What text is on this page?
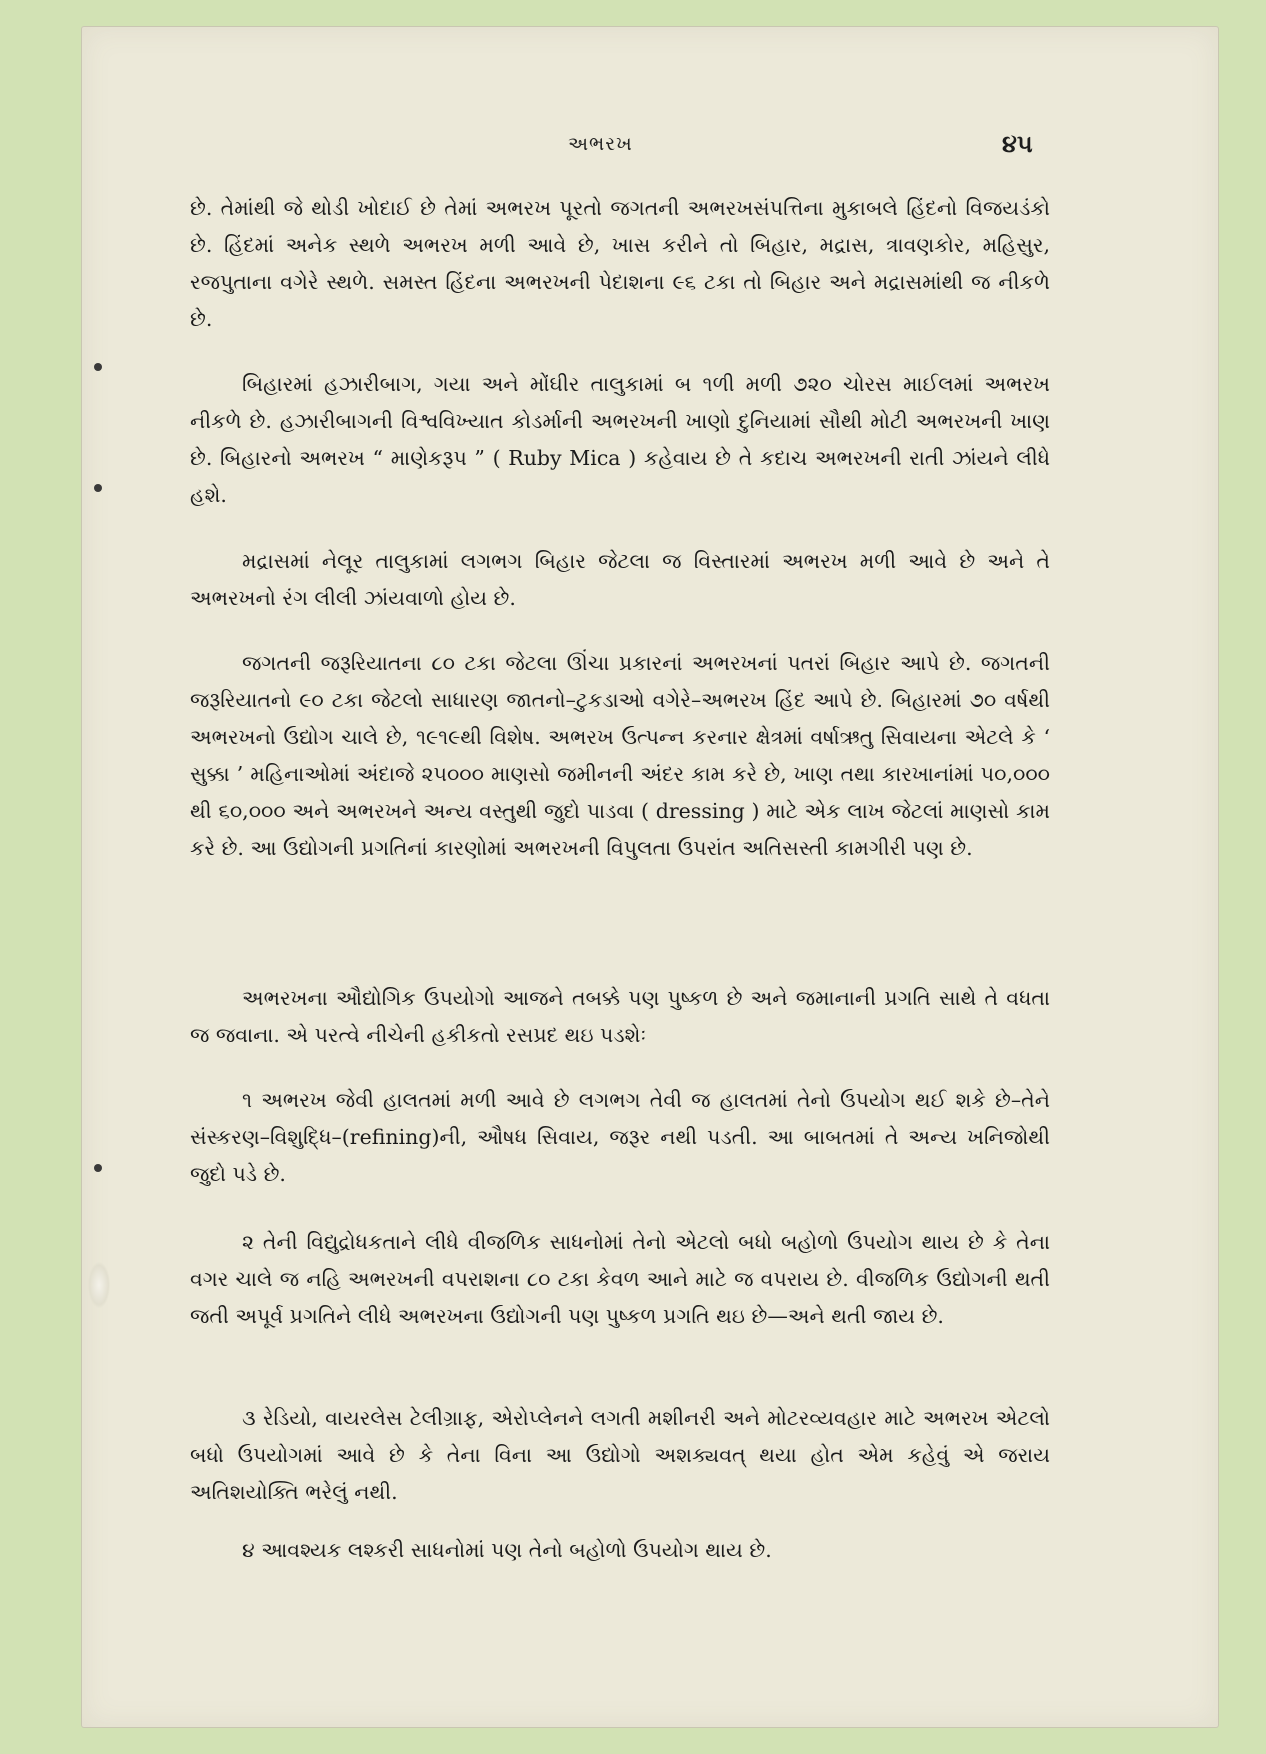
અભરખ	૪૫
છે. તેમાંથી જે થોડી ખોદાઈ છે તેમાં અભરખ પૂરતો જગતની અભરખસંપત્તિના મુકાબલે હિંદનો વિજયડંકો છે. હિંદમાં અનેક સ્થળે અભરખ મળી આવે છે, ખાસ કરીને તો બિહાર, મદ્રાસ, ત્રાવણકોર, મહિસુર, રજપુતાના વગેરે સ્થળે. સમસ્ત હિંદના અભરખની પેદાશના ૯૬ ટકા તો બિહાર અને મદ્રાસમાંથી જ નીકળે છે.
બિહારમાં હઝારીબાગ, ગયા અને મોંઘીર તાલુકામાં બ ૧ળી મળી ૭૨૦ ચોરસ માઈલમાં અભરખ નીકળે છે. હઝારીબાગની વિશ્વવિખ્યાત કોડર્માની અભરખની ખાણો દુનિયામાં સૌથી મોટી અભરખની ખાણ છે. બિહારનો અભરખ “ માણેકરૂપ ” ( Ruby Mica ) કહેવાય છે તે કદાચ અભરખની રાતી ઝાંયને લીધે હશે.
મદ્રાસમાં નેલૂર તાલુકામાં લગભગ બિહાર જેટલા જ વિસ્તારમાં અભરખ મળી આવે છે અને તે અભરખનો રંગ લીલી ઝાંયવાળો હોય છે.
જગતની જરૂરિયાતના ૮૦ ટકા જેટલા ઊંચા પ્રકારનાં અભરખનાં પતરાં બિહાર આપે છે. જગતની જરૂરિયાતનો ૯૦ ટકા જેટલો સાધારણ જાતનો–ટુકડાઓ વગેરે–અભરખ હિંદ આપે છે. બિહારમાં ૭૦ વર્ષથી અભરખનો ઉદ્યોગ ચાલે છે, ૧૯૧૯થી વિશેષ. અભરખ ઉત્પન્ન કરનાર ક્ષેત્રમાં વર્ષાઋતુ સિવાયના એટલે કે ‘ સુક્કા ’ મહિનાઓમાં અંદાજે ૨૫૦૦૦ માણસો જમીનની અંદર કામ કરે છે, ખાણ તથા કારખાનાંમાં ૫૦,૦૦૦ થી ૬૦,૦૦૦ અને અભરખને અન્ય વસ્તુથી જુદો પાડવા ( dressing ) માટે એક લાખ જેટલાં માણસો કામ કરે છે. આ ઉદ્યોગની પ્રગતિનાં કારણોમાં અભરખની વિપુલતા ઉપરાંત અતિસસ્તી કામગીરી પણ છે.
અભરખના ઔદ્યોગિક ઉપયોગો આજને તબક્કે પણ પુષ્કળ છે અને જમાનાની પ્રગતિ સાથે તે વધતા જ જવાના. એ પરત્વે નીચેની હકીકતો રસપ્રદ થઇ પડશેઃ
૧ અભરખ જેવી હાલતમાં મળી આવે છે લગભગ તેવી જ હાલતમાં તેનો ઉપયોગ થઈ શકે છે–તેને સંસ્કરણ–વિશુદ્ધિ–(refining)ની, ઔષધ સિવાય, જરૂર નથી પડતી. આ બાબતમાં તે અન્ય ખનિજોથી જુદો પડે છે.
૨ તેની વિદ્યુદ્રોધકતાને લીધે વીજળિક સાધનોમાં તેનો એટલો બધો બહોળો ઉપયોગ થાય છે કે તેના વગર ચાલે જ નહિ અભરખની વપરાશના ૮૦ ટકા કેવળ આને માટે જ વપરાય છે. વીજળિક ઉદ્યોગની થતી જતી અપૂર્વ પ્રગતિને લીધે અભરખના ઉદ્યોગની પણ પુષ્કળ પ્રગતિ થઇ છે—અને થતી જાય છે.
૩ રેડિયો, વાયરલેસ ટેલીગ્રાફ, એરોપ્લેનને લગતી મશીનરી અને મોટરવ્યવહાર માટે અભરખ એટલો બધો ઉપયોગમાં આવે છે કે તેના વિના આ ઉદ્યોગો અશક્યવત્ થયા હોત એમ કહેવું એ જરાય અતિશયોક્તિ ભરેલું નથી.
૪ આવશ્યક લશ્કરી સાધનોમાં પણ તેનો બહોળો ઉપયોગ થાય છે.
